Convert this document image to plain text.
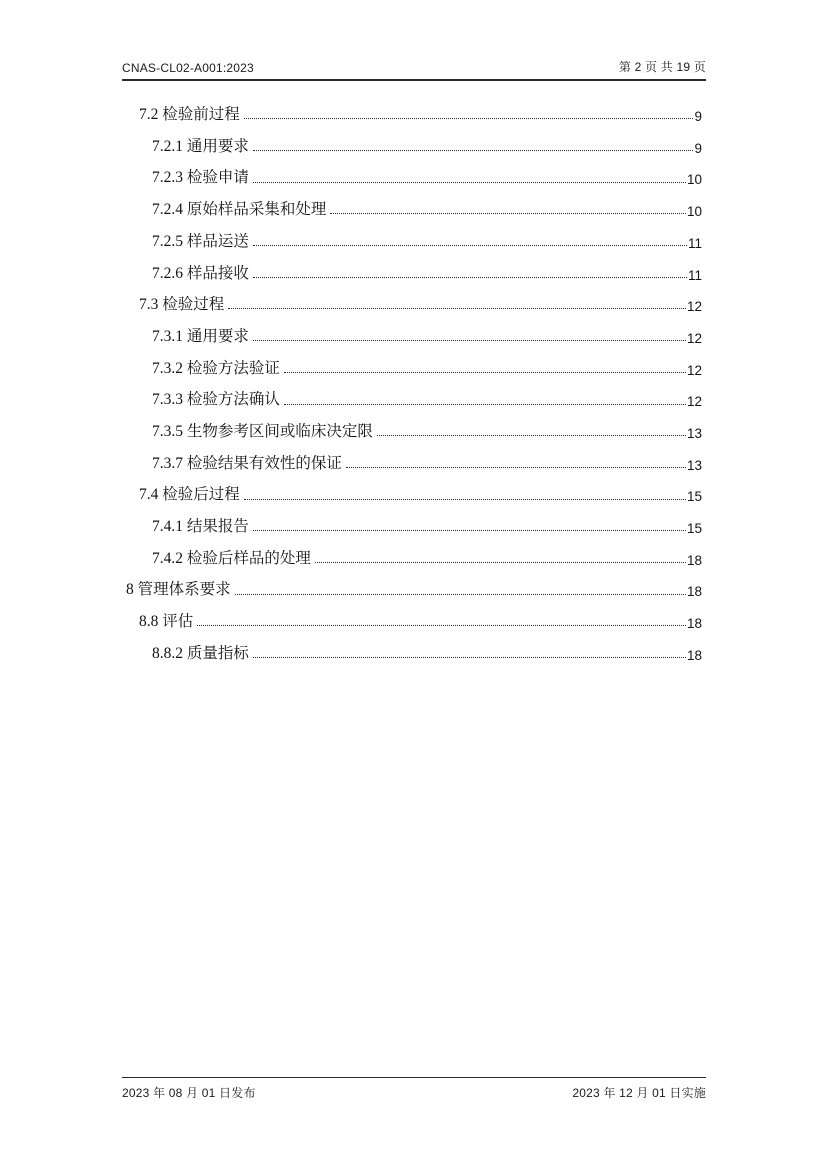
CNAS-CL02-A001:2023	第 2 页 共 19 页
7.2 检验前过程	9
7.2.1 通用要求	9
7.2.3 检验申请	10
7.2.4 原始样品采集和处理	10
7.2.5 样品运送	11
7.2.6 样品接收	11
7.3 检验过程	12
7.3.1 通用要求	12
7.3.2 检验方法验证	12
7.3.3 检验方法确认	12
7.3.5 生物参考区间或临床决定限	13
7.3.7 检验结果有效性的保证	13
7.4 检验后过程	15
7.4.1 结果报告	15
7.4.2 检验后样品的处理	18
8 管理体系要求	18
8.8 评估	18
8.8.2 质量指标	18
2023 年 08 月 01 日发布	2023 年 12 月 01 日实施
